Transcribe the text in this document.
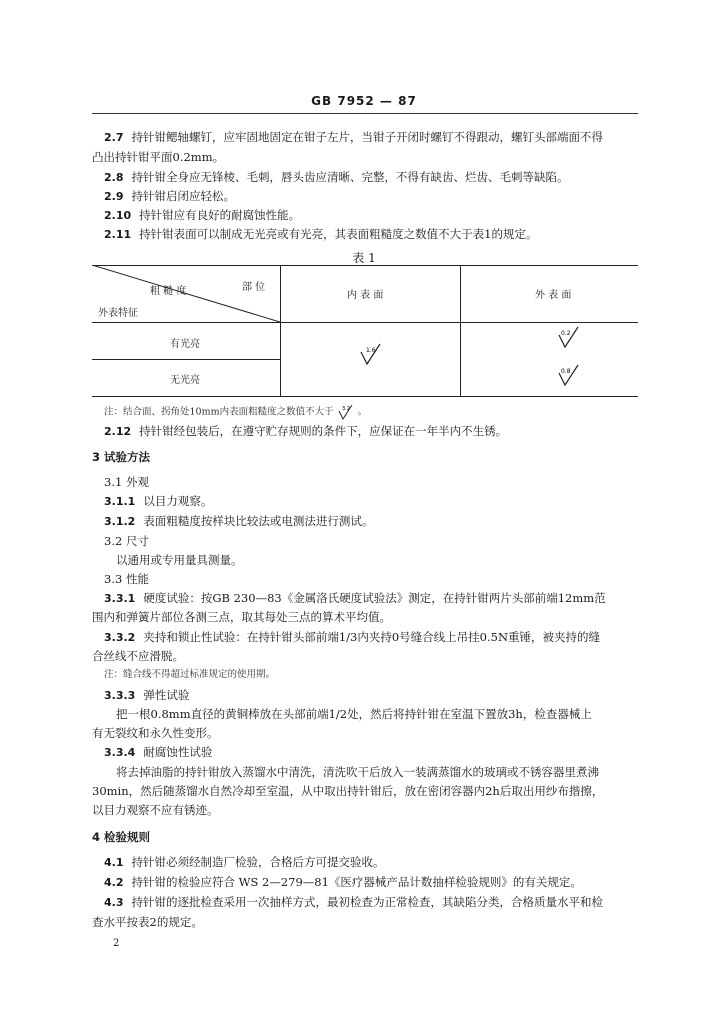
GB 7952 — 87
2.7 持针钳鳃轴螺钉，应牢固地固定在钳子左片，当钳子开闭时螺钉不得跟动，螺钉头部端面不得
凸出持针钳平面0.2mm。
2.8 持针钳全身应无锋棱、毛刺，唇头齿应清晰、完整，不得有缺齿、烂齿、毛刺等缺陷。
2.9 持针钳启闭应轻松。
2.10 持针钳应有良好的耐腐蚀性能。
2.11 持针钳表面可以制成无光亮或有光亮，其表面粗糙度之数值不大于表1的规定。
表 1
粗 糙 度	部 位
外表特征
内 表 面	外 表 面
有光亮
无光亮
1.6
0.2
0.8
注：结合面、拐角处10mm内表面粗糙度之数值不大于 3.2 。
2.12 持针钳经包装后，在遵守贮存规则的条件下，应保证在一年半内不生锈。
3 试验方法
3.1 外观
3.1.1 以目力观察。
3.1.2 表面粗糙度按样块比较法或电测法进行测试。
3.2 尺寸
以通用或专用量具测量。
3.3 性能
3.3.1 硬度试验：按GB 230—83《金属洛氏硬度试验法》测定，在持针钳两片头部前端12mm范
围内和弹簧片部位各测三点，取其每处三点的算术平均值。
3.3.2 夹持和锁止性试验：在持针钳头部前端1/3内夹持0号缝合线上吊挂0.5N重锤，被夹持的缝
合丝线不应滑脱。
注：缝合线不得超过标准规定的使用期。
3.3.3 弹性试验
把一根0.8mm直径的黄铜棒放在头部前端1/2处，然后将持针钳在室温下置放3h，检查器械上
有无裂纹和永久性变形。
3.3.4 耐腐蚀性试验
将去掉油脂的持针钳放入蒸馏水中清洗，清洗吹干后放入一装满蒸馏水的玻璃或不锈容器里煮沸
30min，然后随蒸馏水自然冷却至室温，从中取出持针钳后，放在密闭容器内2h后取出用纱布揩擦，
以目力观察不应有锈迹。
4 检验规则
4.1 持针钳必须经制造厂检验，合格后方可提交验收。
4.2 持针钳的检验应符合 WS 2—279—81《医疗器械产品计数抽样检验规则》的有关规定。
4.3 持针钳的逐批检查采用一次抽样方式，最初检查为正常检查，其缺陷分类，合格质量水平和检
查水平按表2的规定。
2
